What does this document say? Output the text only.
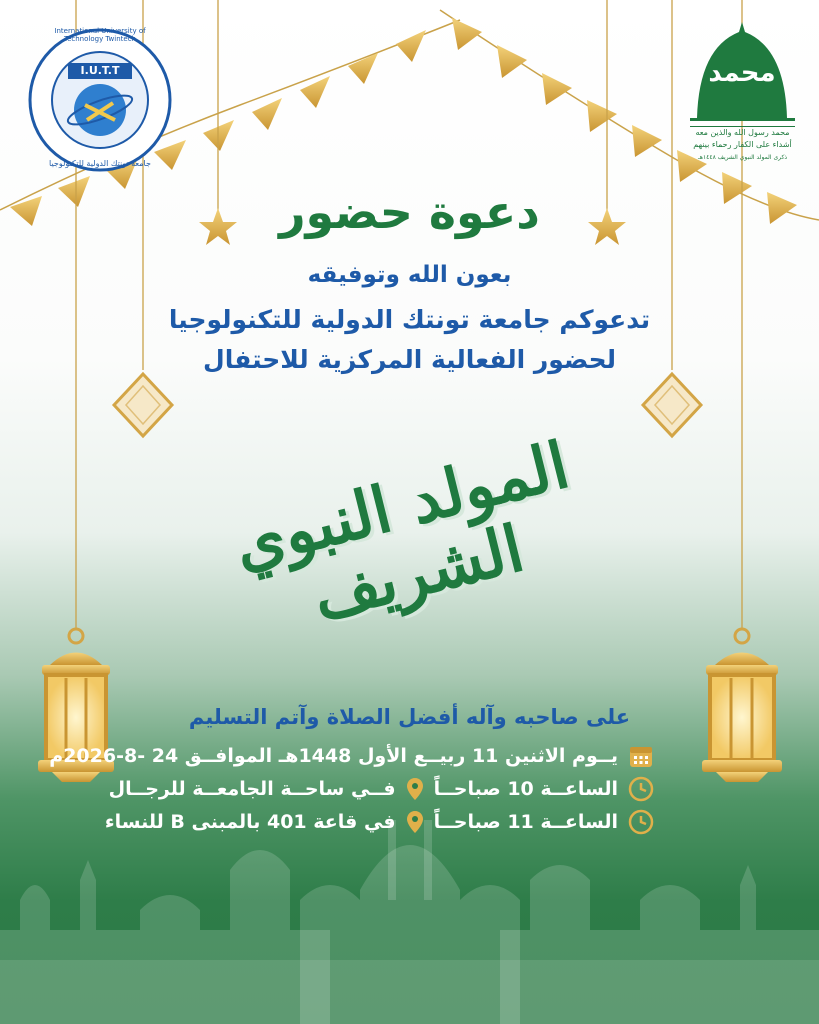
I.U.T.T
International University of Technology Twintech
جامعة تونتك الدولية للتكنولوجيا
محمد
محمد رسول الله والذين معه
أشداء على الكفار رحماء بينهم
ذكرى المولد النبوي الشريف ١٤٤٨هـ
دعوة حضور
بعون الله وتوفيقه
تدعوكم جامعة تونتك الدولية للتكنولوجيا
لحضور الفعالية المركزية للاحتفال
المولد النبوي الشريف
على صاحبه وآله أفضل الصلاة وآتم التسليم
يــوم الاثنين 11 ربيــع الأول 1448هـ الموافــق 24 -8-2026م
الساعــة 10 صباحــاً
فــي ساحــة الجامعــة للرجــال
الساعــة 11 صباحــاً
في قاعة 401 بالمبنى B للنساء
